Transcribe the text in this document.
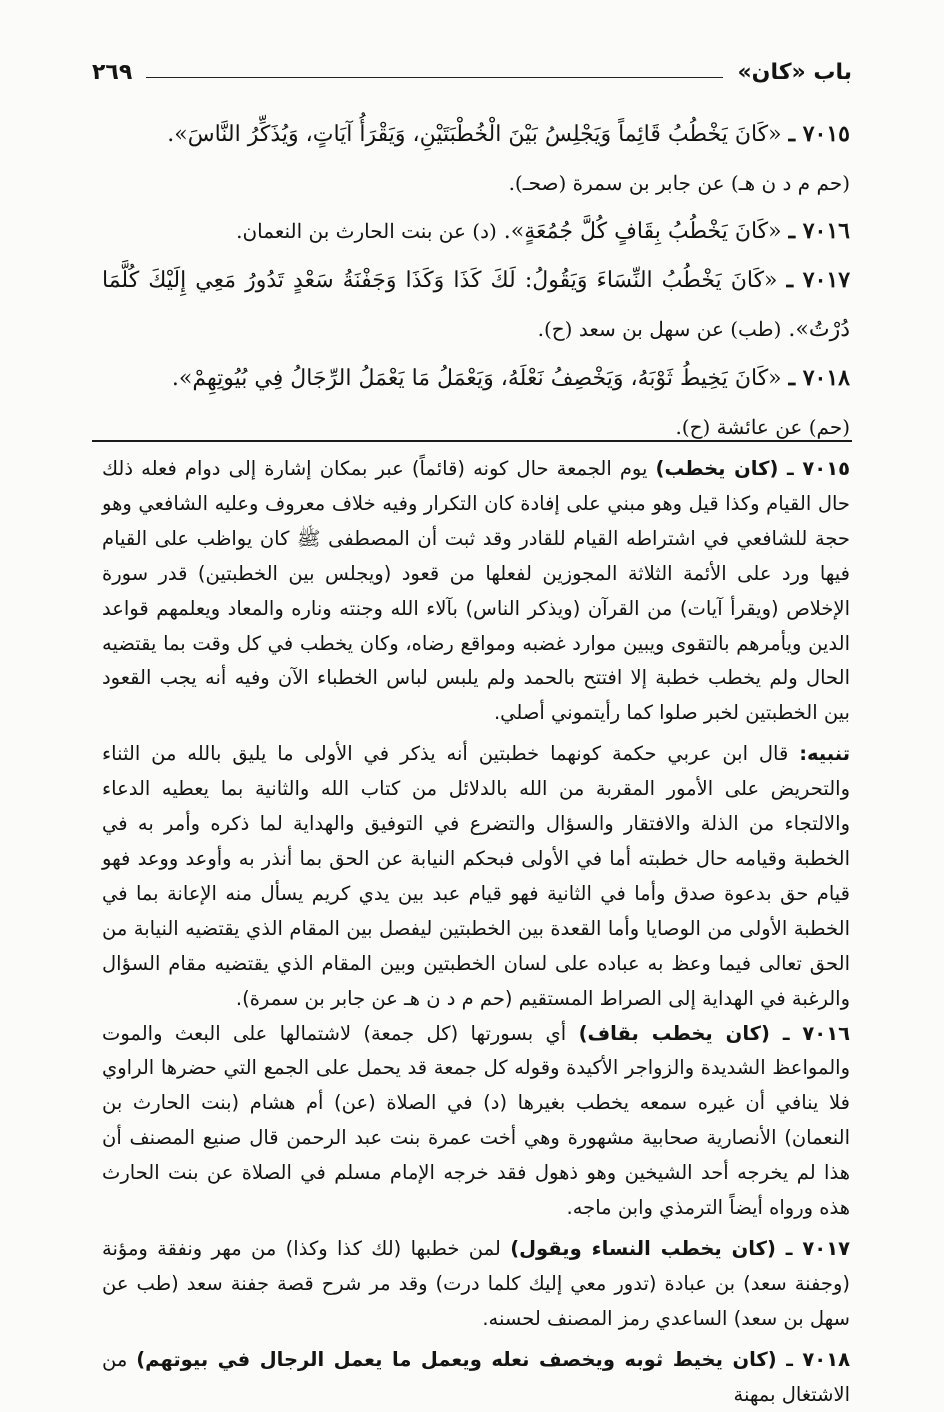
باب «كان»
٢٦٩

٧٠١٥ ـ «كَانَ يَخْطُبُ قَائِماً وَيَجْلِسُ بَيْنَ الْخُطْبَتَيْنِ، وَيَقْرَأُ آيَاتٍ، وَيُذَكِّرُ النَّاسَ».

(حم م د ن هـ) عن جابر بن سمرة (صحـ).

٧٠١٦ ـ «كَانَ يَخْطُبُ بِقَافٍ كُلَّ جُمُعَةٍ». (د) عن بنت الحارث بن النعمان.

٧٠١٧ ـ «كَانَ يَخْطُبُ النِّسَاءَ وَيَقُولُ: لَكَ كَذَا وَكَذَا وَجَفْنَةُ سَعْدٍ تَدُورُ مَعِي إِلَيْكَ كُلَّمَا دُرْتُ». (طب) عن سهل بن سعد (ح).

٧٠١٨ ـ «كَانَ يَخِيطُ ثَوْبَهُ، وَيَخْصِفُ نَعْلَهُ، وَيَعْمَلُ مَا يَعْمَلُ الرِّجَالُ فِي بُيُوتِهِمْ».

(حم) عن عائشة (ح).

٧٠١٥ ـ (كان يخطب) يوم الجمعة حال كونه (قائماً) عبر بمكان إشارة إلى دوام فعله ذلك حال القيام وكذا قيل وهو مبني على إفادة كان التكرار وفيه خلاف معروف وعليه الشافعي وهو حجة للشافعي في اشتراطه القيام للقادر وقد ثبت أن المصطفى ﷺ كان يواظب على القيام فيها ورد على الأئمة الثلاثة المجوزين لفعلها من قعود (ويجلس بين الخطبتين) قدر سورة الإخلاص (ويقرأ آيات) من القرآن (ويذكر الناس) بآلاء الله وجنته وناره والمعاد ويعلمهم قواعد الدين ويأمرهم بالتقوى ويبين موارد غضبه ومواقع رضاه، وكان يخطب في كل وقت بما يقتضيه الحال ولم يخطب خطبة إلا افتتح بالحمد ولم يلبس لباس الخطباء الآن وفيه أنه يجب القعود بين الخطبتين لخبر صلوا كما رأيتموني أصلي.

تنبيه: قال ابن عربي حكمة كونهما خطبتين أنه يذكر في الأولى ما يليق بالله من الثناء والتحريض على الأمور المقربة من الله بالدلائل من كتاب الله والثانية بما يعطيه الدعاء والالتجاء من الذلة والافتقار والسؤال والتضرع في التوفيق والهداية لما ذكره وأمر به في الخطبة وقيامه حال خطبته أما في الأولى فبحكم النيابة عن الحق بما أنذر به وأوعد ووعد فهو قيام حق بدعوة صدق وأما في الثانية فهو قيام عبد بين يدي كريم يسأل منه الإعانة بما في الخطبة الأولى من الوصايا وأما القعدة بين الخطبتين ليفصل بين المقام الذي يقتضيه النيابة من الحق تعالى فيما وعظ به عباده على لسان الخطبتين وبين المقام الذي يقتضيه مقام السؤال والرغبة في الهداية إلى الصراط المستقيم (حم م د ن هـ عن جابر بن سمرة).

٧٠١٦ ـ (كان يخطب بقاف) أي بسورتها (كل جمعة) لاشتمالها على البعث والموت والمواعظ الشديدة والزواجر الأكيدة وقوله كل جمعة قد يحمل على الجمع التي حضرها الراوي فلا ينافي أن غيره سمعه يخطب بغيرها (د) في الصلاة (عن) أم هشام (بنت الحارث بن النعمان) الأنصارية صحابية مشهورة وهي أخت عمرة بنت عبد الرحمن قال صنيع المصنف أن هذا لم يخرجه أحد الشيخين وهو ذهول فقد خرجه الإمام مسلم في الصلاة عن بنت الحارث هذه ورواه أيضاً الترمذي وابن ماجه.

٧٠١٧ ـ (كان يخطب النساء ويقول) لمن خطبها (لك كذا وكذا) من مهر ونفقة ومؤنة (وجفنة سعد) بن عبادة (تدور معي إليك كلما درت) وقد مر شرح قصة جفنة سعد (طب عن سهل بن سعد) الساعدي رمز المصنف لحسنه.

٧٠١٨ ـ (كان يخيط ثوبه ويخصف نعله ويعمل ما يعمل الرجال في بيوتهم) من الاشتغال بمهنة
